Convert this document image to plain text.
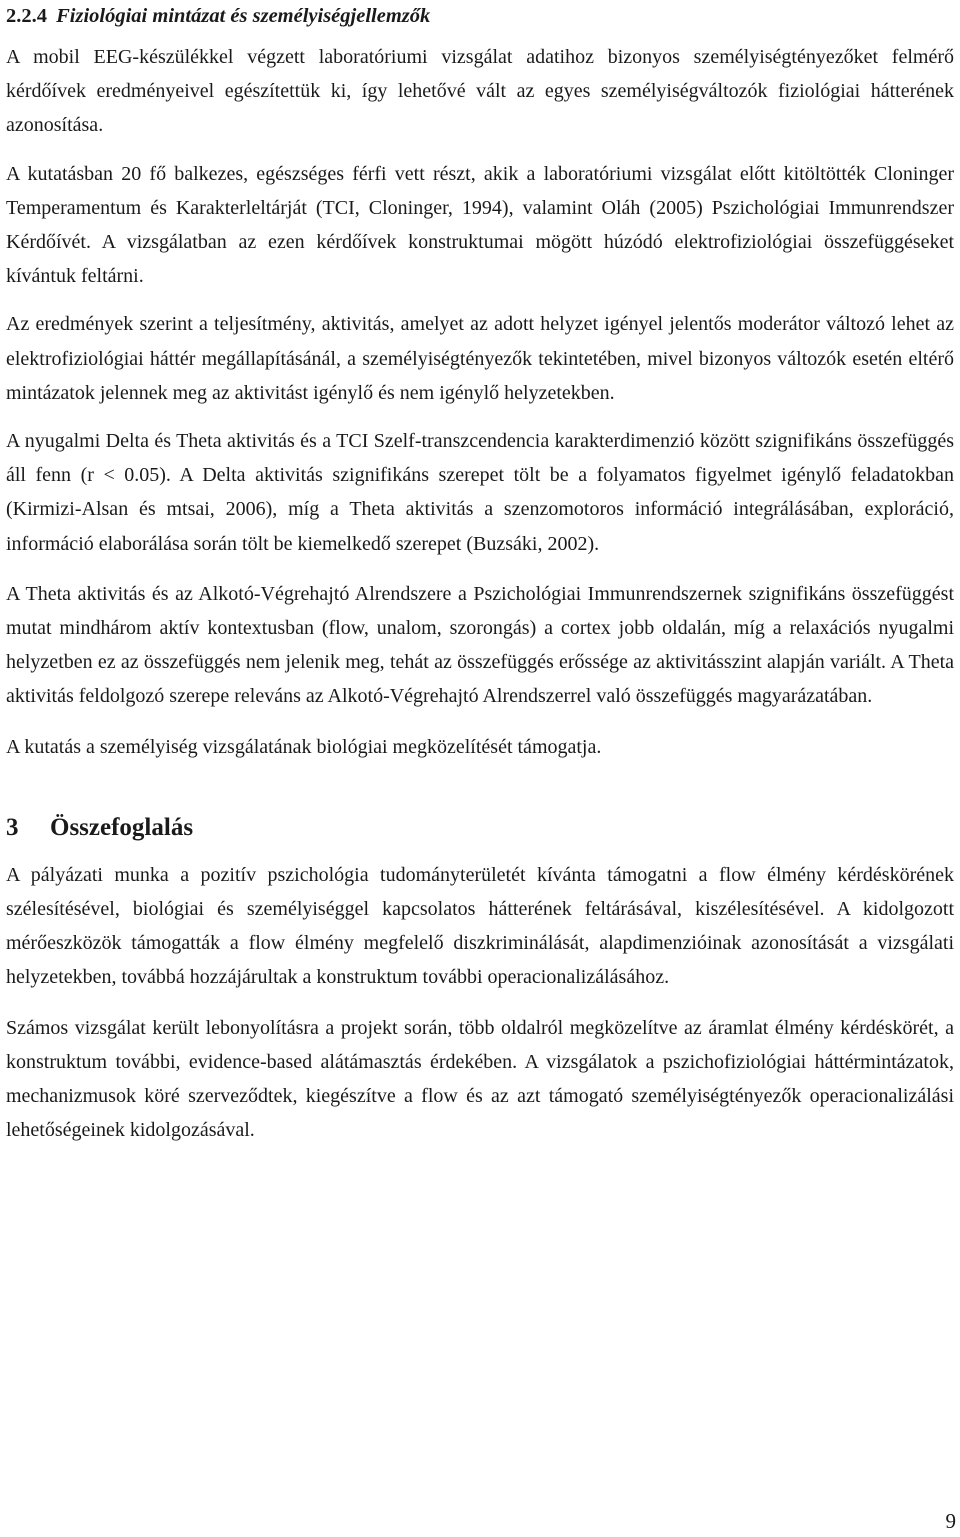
2.2.4 Fiziológiai mintázat és személyiségjellemzők

A mobil EEG-készülékkel végzett laboratóriumi vizsgálat adatihoz bizonyos személyiségtényezőket felmérő kérdőívek eredményeivel egészítettük ki, így lehetővé vált az egyes személyiségváltozók fiziológiai hátterének azonosítása.

A kutatásban 20 fő balkezes, egészséges férfi vett részt, akik a laboratóriumi vizsgálat előtt kitöltötték Cloninger Temperamentum és Karakterleltárját (TCI, Cloninger, 1994), valamint Oláh (2005) Pszichológiai Immunrendszer Kérdőívét. A vizsgálatban az ezen kérdőívek konstruktumai mögött húzódó elektrofiziológiai összefüggéseket kívántuk feltárni.

Az eredmények szerint a teljesítmény, aktivitás, amelyet az adott helyzet igényel jelentős moderátor változó lehet az elektrofiziológiai háttér megállapításánál, a személyiségtényezők tekintetében, mivel bizonyos változók esetén eltérő mintázatok jelennek meg az aktivitást igénylő és nem igénylő helyzetekben.

A nyugalmi Delta és Theta aktivitás és a TCI Szelf-transzcendencia karakterdimenzió között szignifikáns összefüggés áll fenn (r < 0.05). A Delta aktivitás szignifikáns szerepet tölt be a folyamatos figyelmet igénylő feladatokban (Kirmizi-Alsan és mtsai, 2006), míg a Theta aktivitás a szenzomotoros információ integrálásában, exploráció, információ elaborálása során tölt be kiemelkedő szerepet (Buzsáki, 2002).

A Theta aktivitás és az Alkotó-Végrehajtó Alrendszere a Pszichológiai Immunrendszernek szignifikáns összefüggést mutat mindhárom aktív kontextusban (flow, unalom, szorongás) a cortex jobb oldalán, míg a relaxációs nyugalmi helyzetben ez az összefüggés nem jelenik meg, tehát az összefüggés erőssége az aktivitásszint alapján variált. A Theta aktivitás feldolgozó szerepe releváns az Alkotó-Végrehajtó Alrendszerrel való összefüggés magyarázatában.

A kutatás a személyiség vizsgálatának biológiai megközelítését támogatja.

3 Összefoglalás

A pályázati munka a pozitív pszichológia tudományterületét kívánta támogatni a flow élmény kérdéskörének szélesítésével, biológiai és személyiséggel kapcsolatos hátterének feltárásával, kiszélesítésével. A kidolgozott mérőeszközök támogatták a flow élmény megfelelő diszkriminálását, alapdimenzióinak azonosítását a vizsgálati helyzetekben, továbbá hozzájárultak a konstruktum további operacionalizálásához.

Számos vizsgálat került lebonyolításra a projekt során, több oldalról megközelítve az áramlat élmény kérdéskörét, a konstruktum további, evidence-based alátámasztás érdekében. A vizsgálatok a pszichofiziológiai háttérmintázatok, mechanizmusok köré szerveződtek, kiegészítve a flow és az azt támogató személyiségtényezők operacionalizálási lehetőségeinek kidolgozásával.

9
